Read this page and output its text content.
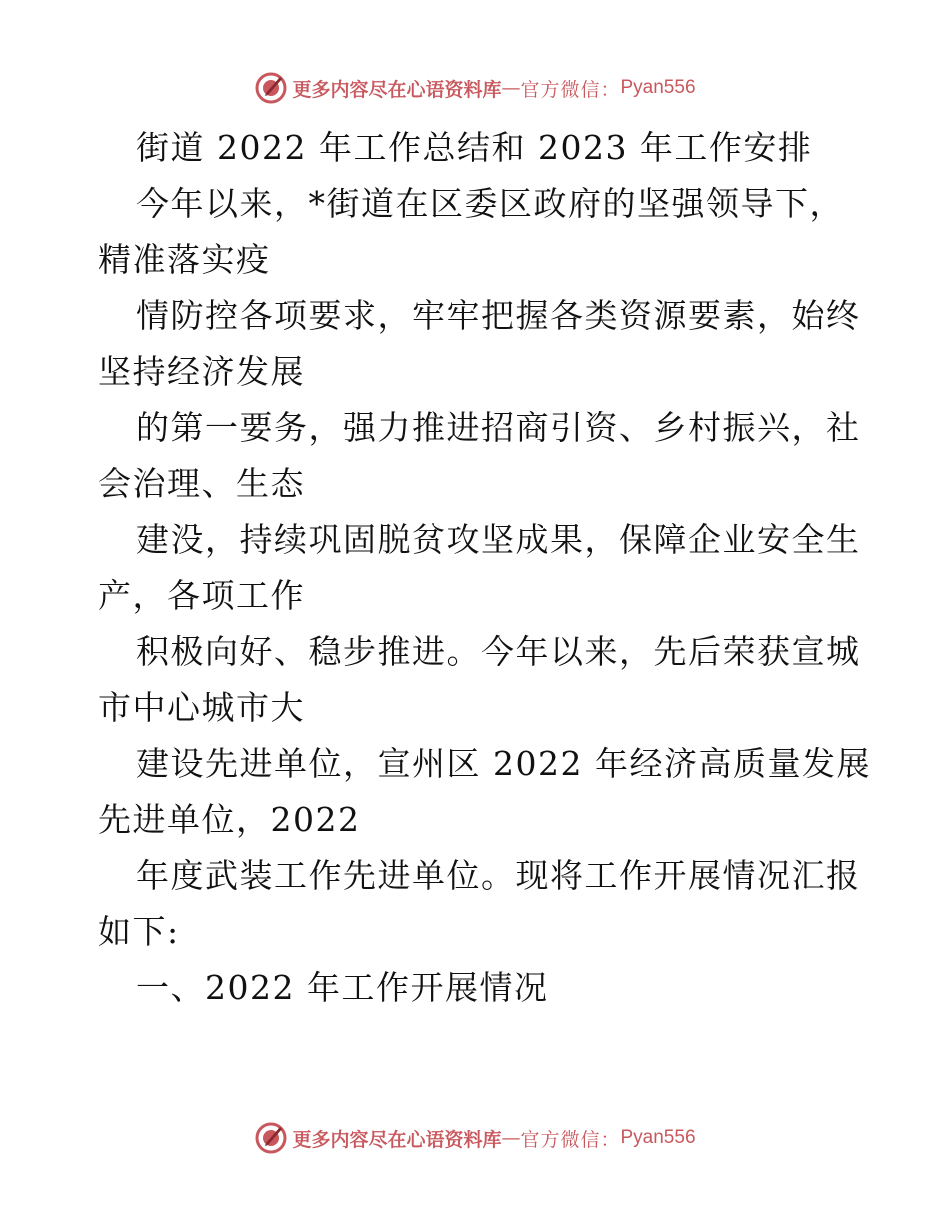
更多内容尽在心语资料库 — 官方微信： Pyan556
街道 2022 年工作总结和 2023 年工作安排
今年以来，*街道在区委区政府的坚强领导下，
精准落实疫
情防控各项要求，牢牢把握各类资源要素，始终
坚持经济发展
的第一要务，强力推进招商引资、乡村振兴，社
会治理、生态
建没，持续巩固脱贫攻坚成果，保障企业安全生
产，各项工作
积极向好、稳步推进。今年以来，先后荣获宣城
市中心城市大
建设先进单位，宣州区 2022 年经济高质量发展
先进单位，2022
年度武装工作先进单位。现将工作开展情况汇报
如下:
一、2022 年工作开展情况
更多内容尽在心语资料库 — 官方微信： Pyan556
